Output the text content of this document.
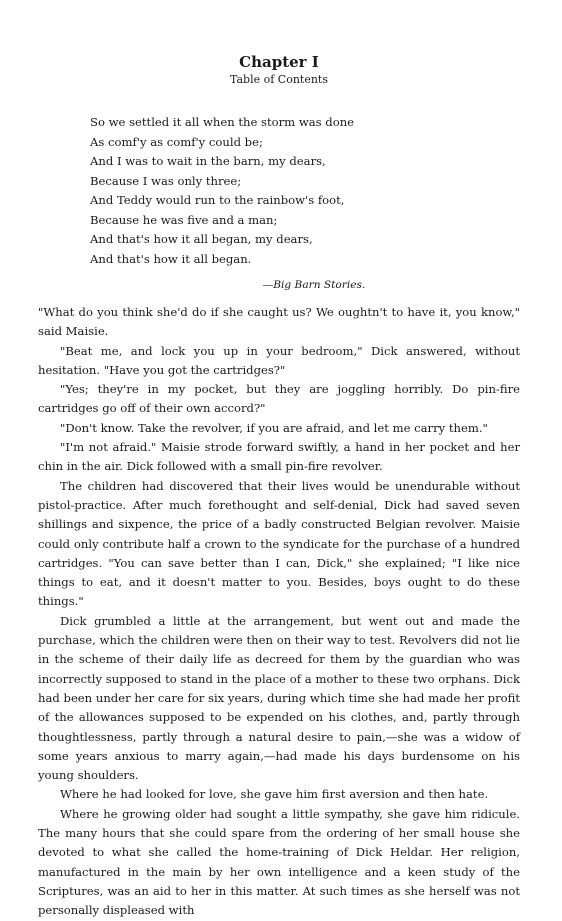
Chapter I
Table of Contents
So we settled it all when the storm was done
As comf'y as comf'y could be;
And I was to wait in the barn, my dears,
Because I was only three;
And Teddy would run to the rainbow's foot,
Because he was five and a man;
And that's how it all began, my dears,
And that's how it all began.
—Big Barn Stories.

"What do you think she'd do if she caught us? We oughtn't to have it, you know," said Maisie.

"Beat me, and lock you up in your bedroom," Dick answered, without hesitation. "Have you got the cartridges?"

"Yes; they're in my pocket, but they are joggling horribly. Do pin-fire cartridges go off of their own accord?"

"Don't know. Take the revolver, if you are afraid, and let me carry them."

"I'm not afraid." Maisie strode forward swiftly, a hand in her pocket and her chin in the air. Dick followed with a small pin-fire revolver.

The children had discovered that their lives would be unendurable without pistol-practice. After much forethought and self-denial, Dick had saved seven shillings and sixpence, the price of a badly constructed Belgian revolver. Maisie could only contribute half a crown to the syndicate for the purchase of a hundred cartridges. "You can save better than I can, Dick," she explained; "I like nice things to eat, and it doesn't matter to you. Besides, boys ought to do these things."

Dick grumbled a little at the arrangement, but went out and made the purchase, which the children were then on their way to test. Revolvers did not lie in the scheme of their daily life as decreed for them by the guardian who was incorrectly supposed to stand in the place of a mother to these two orphans. Dick had been under her care for six years, during which time she had made her profit of the allowances supposed to be expended on his clothes, and, partly through thoughtlessness, partly through a natural desire to pain,—she was a widow of some years anxious to marry again,—had made his days burdensome on his young shoulders.

Where he had looked for love, she gave him first aversion and then hate.

Where he growing older had sought a little sympathy, she gave him ridicule. The many hours that she could spare from the ordering of her small house she devoted to what she called the home-training of Dick Heldar. Her religion, manufactured in the main by her own intelligence and a keen study of the Scriptures, was an aid to her in this matter. At such times as she herself was not personally displeased with
